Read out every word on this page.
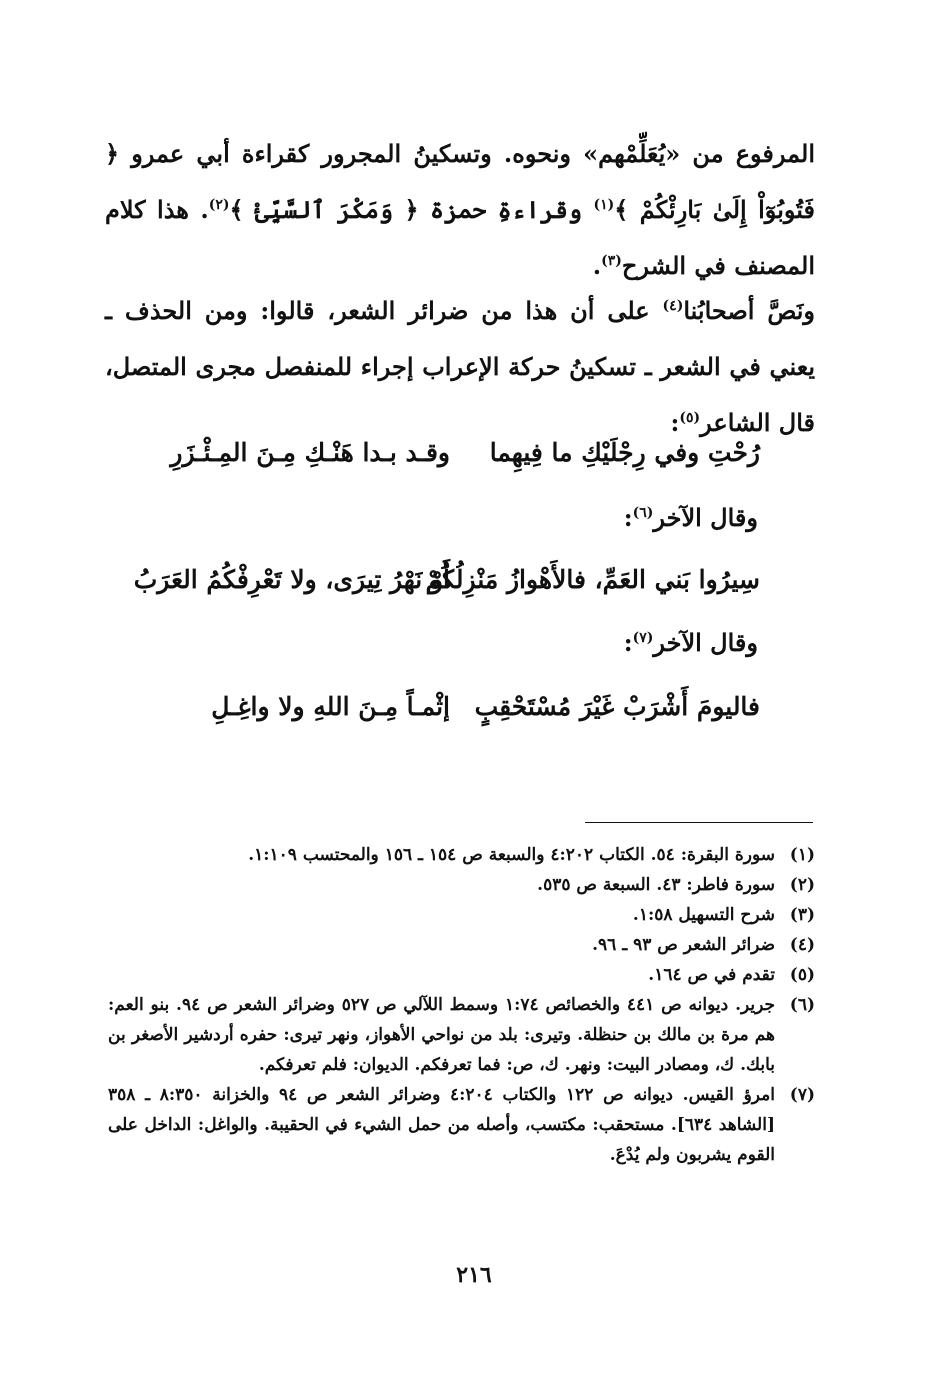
المرفوع من «يُعَلِّمْهم» ونحوه. وتسكينُ المجرور كقراءة أبي عمرو ﴿ فَتُوبُوٓاْ إِلَىٰ بَارِئْكُمْ ﴾$^{(١)}$ وقراءةِ حمزة ﴿ وَمَكْرَ ٱلسَّيِّئْ ﴾$^{(٢)}$. هذا كلام المصنف في الشرح$^{(٣)}$.
ونَصَّ أصحابُنا$^{(٤)}$ على أن هذا من ضرائر الشعر، قالوا: ومن الحذف ـ يعني في الشعر ـ تسكينُ حركة الإعراب إجراء للمنفصل مجرى المتصل، قال الشاعر$^{(٥)}$:
رُحْتِ وفي رِجْلَيْكِ ما فِيهِما
وقـد بـدا هَنْـكِ مِـنَ المِـئْـزَرِ
وقال الآخر$^{(٦)}$:
سِيرُوا بَني العَمِّ، فالأَهْوازُ مَنْزِلُكُمْ
أَوْ نَهْرُ تِيرَى، ولا تَعْرِفْكُمُ العَرَبُ
وقال الآخر$^{(٧)}$:
فاليومَ أَشْرَبْ غَيْرَ مُسْتَحْقِبٍ
إثْمـاً مِـنَ اللهِ ولا واغِـلِ
(١)
سورة البقرة: ٥٤. الكتاب ٤:٢٠٢ والسبعة ص ١٥٤ ـ ١٥٦ والمحتسب ١:١٠٩.
(٢)
سورة فاطر: ٤٣. السبعة ص ٥٣٥.
(٣)
شرح التسهيل ١:٥٨.
(٤)
ضرائر الشعر ص ٩٣ ـ ٩٦.
(٥)
تقدم في ص ١٦٤.
(٦)
جرير. ديوانه ص ٤٤١ والخصائص ١:٧٤ وسمط اللآلي ص ٥٢٧ وضرائر الشعر ص ٩٤. بنو العم: هم مرة بن مالك بن حنظلة. وتيرى: بلد من نواحي الأهواز، ونهر تيرى: حفره أردشير الأصغر بن بابك. ك، ومصادر البيت: ونهر. ك، ص: فما تعرفكم. الديوان: فلم تعرفكم.
(٧)
امرؤ القيس. ديوانه ص ١٢٢ والكتاب ٤:٢٠٤ وضرائر الشعر ص ٩٤ والخزانة ٨:٣٥٠ ـ ٣٥٨ [الشاهد ٦٣٤]. مستحقب: مكتسب، وأصله من حمل الشيء في الحقيبة. والواغل: الداخل على القوم يشربون ولم يُدْعَ.
٢١٦
